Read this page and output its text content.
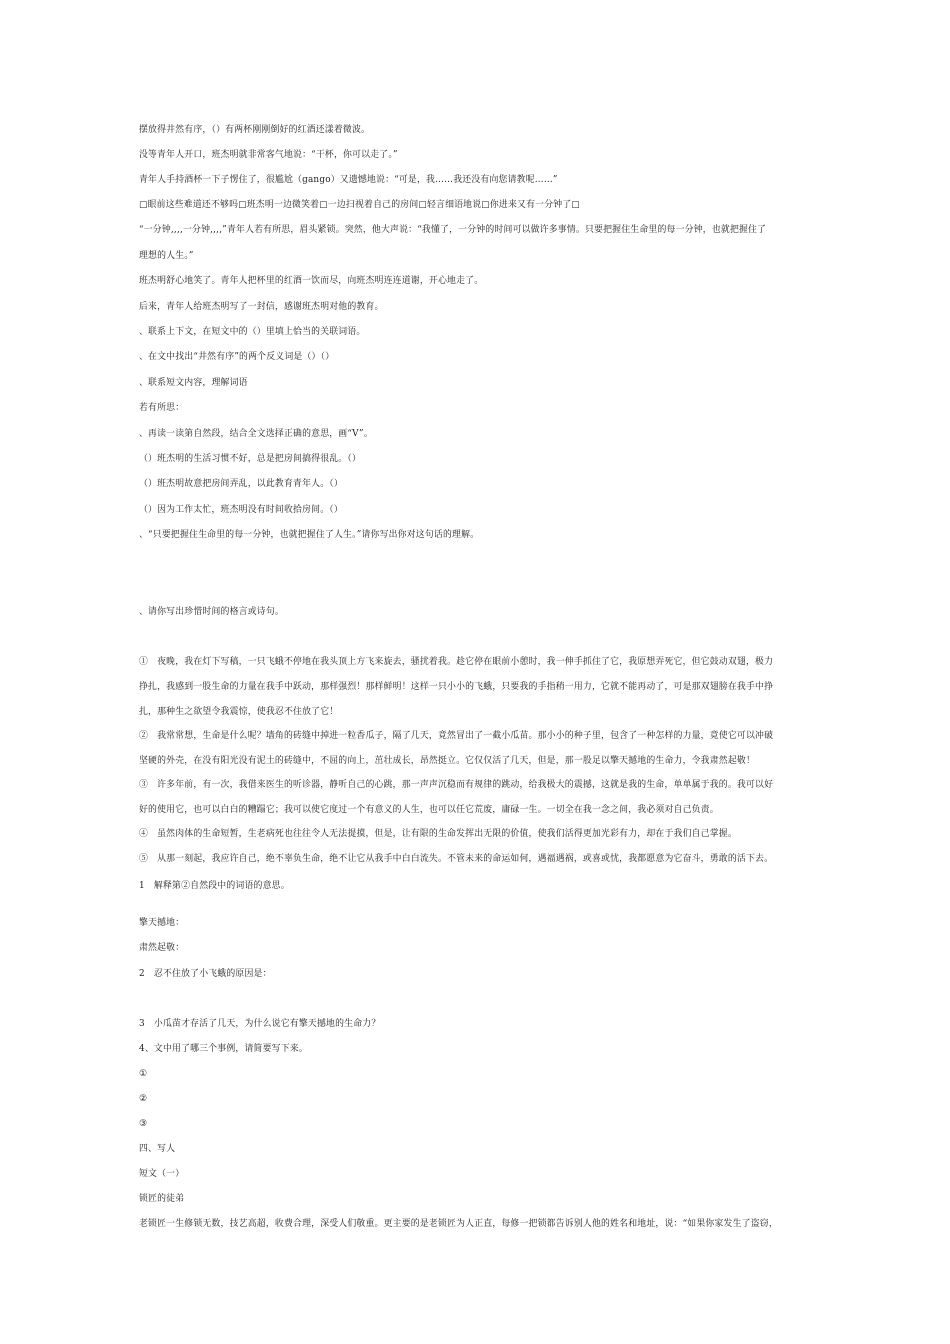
摆放得井然有序，（）有两杯刚刚倒好的红酒还漾着微波。
没等青年人开口，班杰明就非常客气地说：“干杯，你可以走了。”
青年人手持酒杯一下子愣住了，很尴尬（gango）又遗憾地说：“可是，我……我还没有向您请教呢……”
□眼前这些难道还不够吗□班杰明一边微笑着□一边扫视着自己的房间□轻言细语地说□你进来又有一分钟了□
“一分钟,,,,一分钟,,,,”青年人若有所思，眉头紧锁。突然，他大声说：“我懂了，一分钟的时间可以做许多事情。只要把握住生命里的每一分钟，也就把握住了
理想的人生。”
班杰明舒心地笑了。青年人把杯里的红酒一饮而尽，向班杰明连连道谢，开心地走了。
后来，青年人给班杰明写了一封信，感谢班杰明对他的教育。
、联系上下文，在短文中的（）里填上恰当的关联词语。
、在文中找出“井然有序”的两个反义词是（）（）
、联系短文内容，理解词语
若有所思：
、再读一读第自然段，结合全文选择正确的意思，画“V”。
（）班杰明的生活习惯不好，总是把房间搞得很乱。（）
（）班杰明故意把房间弄乱，以此教育青年人。（）
（）因为工作太忙，班杰明没有时间收拾房间。（）
、“只要把握住生命里的每一分钟，也就把握住了人生。”请你写出你对这句话的理解。
、请你写出珍惜时间的格言或诗句。
①　夜晚，我在灯下写稿，一只飞蛾不停地在我头顶上方飞来旋去，骚扰着我。趁它停在眼前小憩时，我一伸手抓住了它，我原想弄死它，但它鼓动双翅，极力
挣扎，我感到一股生命的力量在我手中跃动，那样强烈！那样鲜明！这样一只小小的飞蛾，只要我的手指稍一用力，它就不能再动了，可是那双翅膀在我手中挣
扎，那种生之欲望令我震惊，使我忍不住放了它！
②　我常常想，生命是什么呢？墙角的砖缝中掉进一粒香瓜子，隔了几天，竟然冒出了一截小瓜苗。那小小的种子里，包含了一种怎样的力量，竟使它可以冲破
坚硬的外壳，在没有阳光没有泥土的砖缝中，不屈的向上，茁壮成长，昂然挺立。它仅仅活了几天，但是，那一股足以擎天撼地的生命力，令我肃然起敬！
③　许多年前，有一次，我借来医生的听诊器，静听自己的心跳，那一声声沉稳而有规律的跳动，给我极大的震撼，这就是我的生命，单单属于我的。我可以好
好的使用它，也可以白白的糟蹋它；我可以使它度过一个有意义的人生，也可以任它荒废，庸碌一生。一切全在我一念之间，我必须对自己负责。
④　虽然肉体的生命短暂，生老病死也往往令人无法提摸，但是，让有限的生命发挥出无限的价值，使我们活得更加光彩有力，却在于我们自己掌握。
⑤　从那一刻起，我应许自己，绝不辜负生命，绝不让它从我手中白白流失。不管未来的命运如何，遇福遇祸，或喜或忧，我都愿意为它奋斗，勇敢的活下去。
1　解释第②自然段中的词语的意思。
擎天撼地：
肃然起敬：
2　忍不住放了小飞蛾的原因是：
3　小瓜苗才存活了几天，为什么说它有擎天撼地的生命力？
4、文中用了哪三个事例，请简要写下来。
①
②
③
四、写人
短文（一）
锁匠的徒弟
老锁匠一生修锁无数，技艺高超，收费合理，深受人们敬重。更主要的是老锁匠为人正直，每修一把锁都告诉别人他的姓名和地址，说：“如果你家发生了盗窃，
